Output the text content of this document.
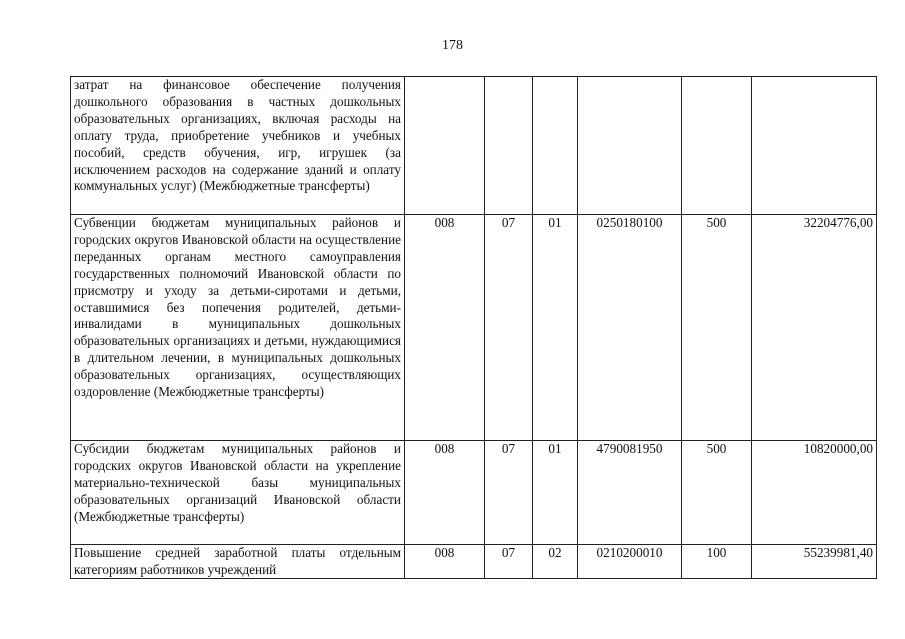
178
затрат на финансовое обеспечение получения дошкольного образования в частных дошкольных образовательных организациях, включая расходы на оплату труда, приобретение учебников и учебных пособий, средств обучения, игр, игрушек (за исключением расходов на содержание зданий и оплату коммунальных услуг) (Межбюджетные трансферты)						
Субвенции бюджетам муниципальных районов и городских округов Ивановской области на осуществление переданных органам местного самоуправления государственных полномочий Ивановской области по присмотру и уходу за детьми-сиротами и детьми, оставшимися без попечения родителей, детьми-инвалидами в муниципальных дошкольных образовательных организациях и детьми, нуждающимися в длительном лечении, в муниципальных дошкольных образовательных организациях, осуществляющих оздоровление (Межбюджетные трансферты)	008	07	01	0250180100	500	32204776,00
Субсидии бюджетам муниципальных районов и городских округов Ивановской области на укрепление материально-технической базы муниципальных образовательных организаций Ивановской области (Межбюджетные трансферты)	008	07	01	4790081950	500	10820000,00

Повышение средней заработной платы отдельным категориям работников учреждений	008	07	02	0210200010	100	55239981,40
